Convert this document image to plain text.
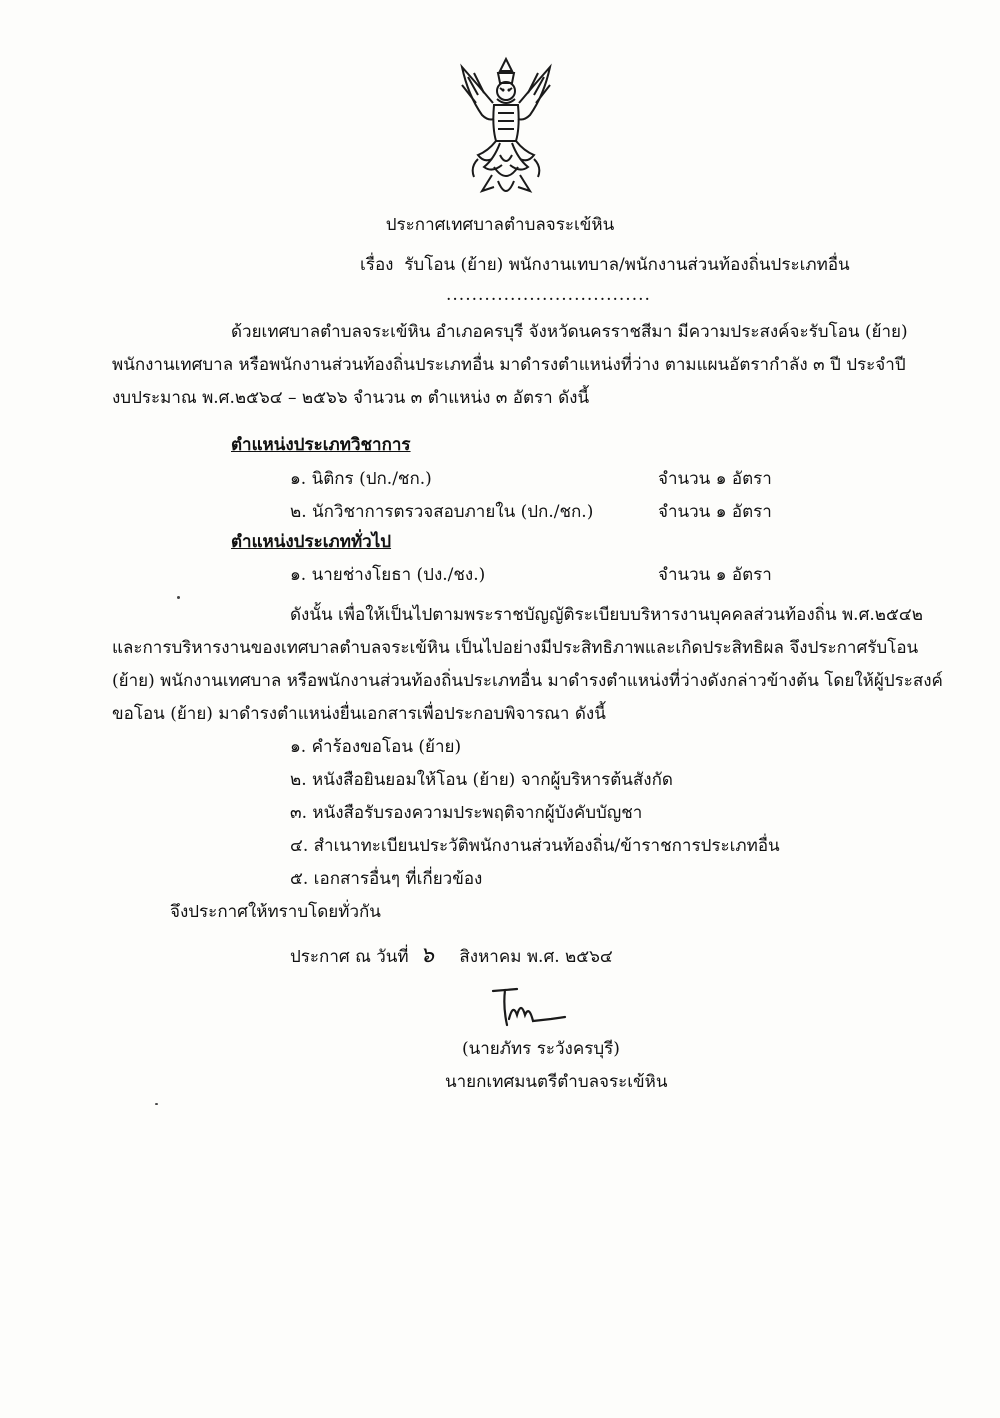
ประกาศเทศบาลตำบลจระเข้หิน
เรื่อง รับโอน (ย้าย) พนักงานเทบาล/พนักงานส่วนท้องถิ่นประเภทอื่น
................................
ด้วยเทศบาลตำบลจระเข้หิน อำเภอครบุรี จังหวัดนครราชสีมา มีความประสงค์จะรับโอน (ย้าย)
พนักงานเทศบาล หรือพนักงานส่วนท้องถิ่นประเภทอื่น มาดำรงตำแหน่งที่ว่าง ตามแผนอัตรากำลัง ๓ ปี ประจำปี
งบประมาณ พ.ศ.๒๕๖๔ – ๒๕๖๖ จำนวน ๓ ตำแหน่ง ๓ อัตรา ดังนี้
ตำแหน่งประเภทวิชาการ
๑. นิติกร (ปก./ชก.)	จำนวน ๑ อัตรา
๒. นักวิชาการตรวจสอบภายใน (ปก./ชก.)	จำนวน ๑ อัตรา
ตำแหน่งประเภททั่วไป
๑. นายช่างโยธา (ปง./ชง.)	จำนวน ๑ อัตรา
ดังนั้น เพื่อให้เป็นไปตามพระราชบัญญัติระเบียบบริหารงานบุคคลส่วนท้องถิ่น พ.ศ.๒๕๔๒
และการบริหารงานของเทศบาลตำบลจระเข้หิน เป็นไปอย่างมีประสิทธิภาพและเกิดประสิทธิผล จึงประกาศรับโอน
(ย้าย) พนักงานเทศบาล หรือพนักงานส่วนท้องถิ่นประเภทอื่น มาดำรงตำแหน่งที่ว่างดังกล่าวข้างต้น โดยให้ผู้ประสงค์
ขอโอน (ย้าย) มาดำรงตำแหน่งยื่นเอกสารเพื่อประกอบพิจารณา ดังนี้
๑. คำร้องขอโอน (ย้าย)
๒. หนังสือยินยอมให้โอน (ย้าย) จากผู้บริหารต้นสังกัด
๓. หนังสือรับรองความประพฤติจากผู้บังคับบัญชา
๔. สำเนาทะเบียนประวัติพนักงานส่วนท้องถิ่น/ข้าราชการประเภทอื่น
๕. เอกสารอื่นๆ ที่เกี่ยวข้อง
จึงประกาศให้ทราบโดยทั่วกัน
ประกาศ ณ วันที่ ๖ สิงหาคม พ.ศ. ๒๕๖๔
(นายภัทร ระวังครบุรี)
นายกเทศมนตรีตำบลจระเข้หิน
